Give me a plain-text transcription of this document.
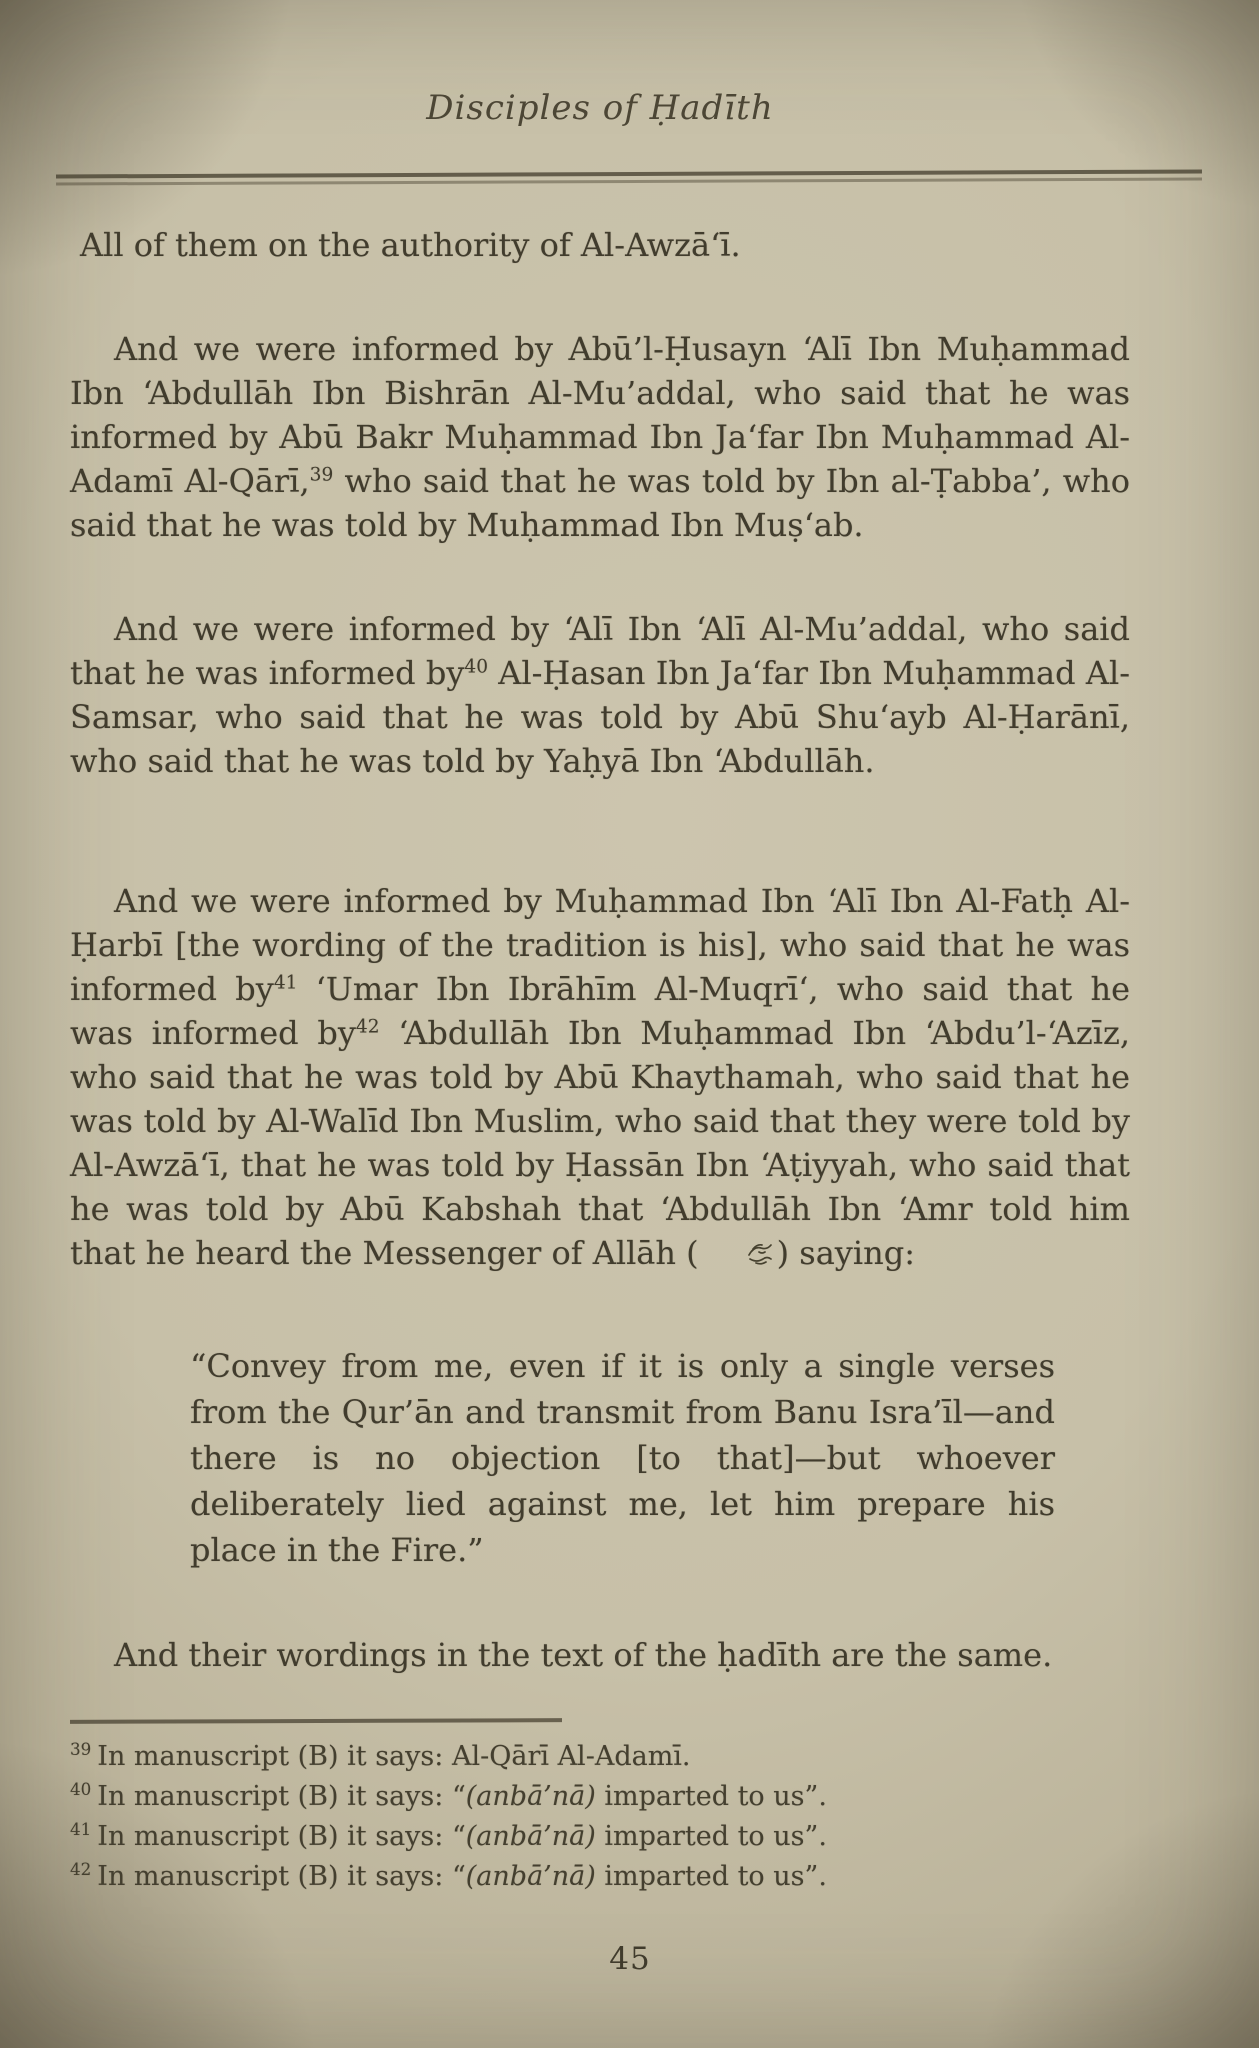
Disciples of Ḥadīth

All of them on the authority of Al-Awzā‘ī.

And we were informed by Abū’l-Ḥusayn ‘Alī Ibn Muḥammad Ibn ‘Abdullāh Ibn Bishrān Al-Mu’addal, who said that he was informed by Abū Bakr Muḥammad Ibn Ja‘far Ibn Muḥammad Al-Adamī Al-Qārī,$^{39}$ who said that he was told by Ibn al-Ṭabba’, who said that he was told by Muḥammad Ibn Muṣ‘ab.

And we were informed by ‘Alī Ibn ‘Alī Al-Mu’addal, who said that he was informed by$^{40}$ Al-Ḥasan Ibn Ja‘far Ibn Muḥammad Al-Samsar, who said that he was told by Abū Shu‘ayb Al-Ḥarānī, who said that he was told by Yaḥyā Ibn ‘Abdullāh.

And we were informed by Muḥammad Ibn ‘Alī Ibn Al-Fatḥ Al-Ḥarbī [the wording of the tradition is his], who said that he was informed by$^{41}$ ‘Umar Ibn Ibrāhīm Al-Muqrī‘, who said that he was informed by$^{42}$ ‘Abdullāh Ibn Muḥammad Ibn ‘Abdu’l-‘Azīz, who said that he was told by Abū Khaythamah, who said that he was told by Al-Walīd Ibn Muslim, who said that they were told by Al-Awzā‘ī, that he was told by Ḥassān Ibn ‘Aṭiyyah, who said that he was told by Abū Kabshah that ‘Abdullāh Ibn ‘Amr told him that he heard the Messenger of Allāh ( ) saying:

“Convey from me, even if it is only a single verses from the Qur’ān and transmit from Banu Isra’īl—and there is no objection [to that]—but whoever deliberately lied against me, let him prepare his place in the Fire.”

And their wordings in the text of the ḥadīth are the same.

$^{39}$ In manuscript (B) it says: Al-Qārī Al-Adamī.
$^{40}$ In manuscript (B) it says: “(anbā’nā) imparted to us”.
$^{41}$ In manuscript (B) it says: “(anbā’nā) imparted to us”.
$^{42}$ In manuscript (B) it says: “(anbā’nā) imparted to us”.
45
